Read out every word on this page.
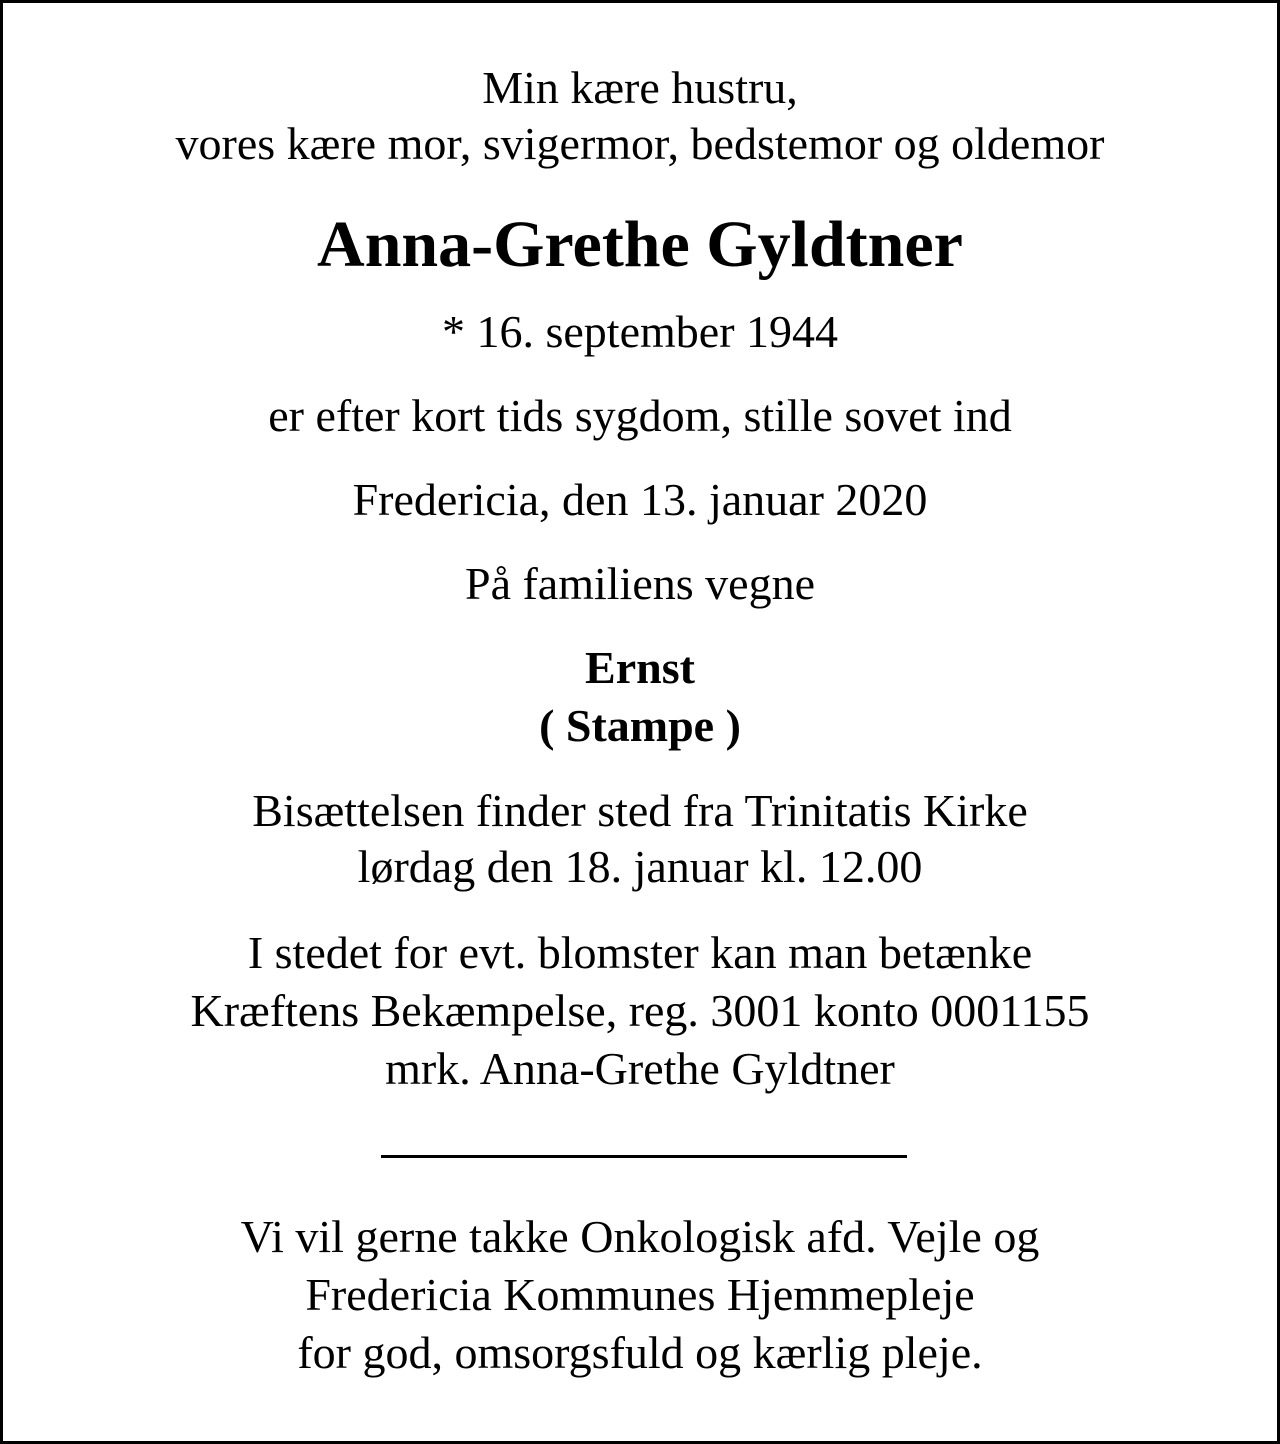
Min kære hustru,
vores kære mor, svigermor, bedstemor og oldemor
Anna-Grethe Gyldtner
* 16. september 1944
er efter kort tids sygdom, stille sovet ind
Fredericia, den 13. januar 2020
På familiens vegne
Ernst
( Stampe )
Bisættelsen finder sted fra Trinitatis Kirke
lørdag den 18. januar kl. 12.00
I stedet for evt. blomster kan man betænke
Kræftens Bekæmpelse, reg. 3001 konto 0001155
mrk. Anna-Grethe Gyldtner
Vi vil gerne takke Onkologisk afd. Vejle og
Fredericia Kommunes Hjemmepleje
for god, omsorgsfuld og kærlig pleje.
